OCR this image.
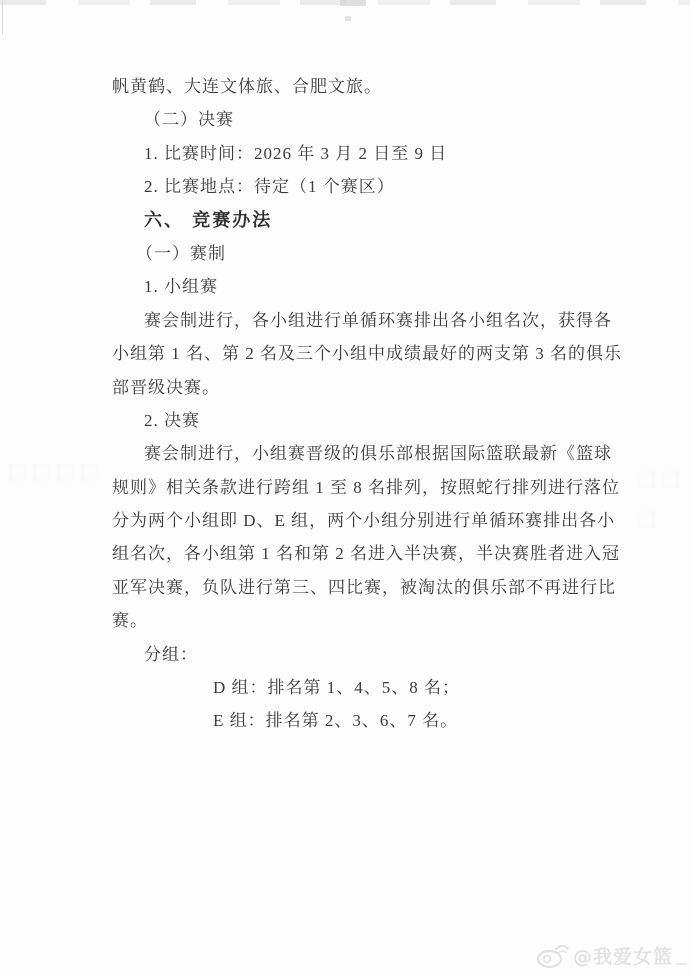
帆黄鹤、大连文体旅、合肥文旅。
（二）决赛
1. 比赛时间：2026 年 3 月 2 日至 9 日
2. 比赛地点：待定（1 个赛区）
六、 竞赛办法
（一）赛制
1. 小组赛
赛会制进行，各小组进行单循环赛排出各小组名次，获得各
小组第 1 名、第 2 名及三个小组中成绩最好的两支第 3 名的俱乐
部晋级决赛。
2. 决赛
赛会制进行，小组赛晋级的俱乐部根据国际篮联最新《篮球
规则》相关条款进行跨组 1 至 8 名排列，按照蛇行排列进行落位
分为两个小组即 D、E 组，两个小组分别进行单循环赛排出各小
组名次，各小组第 1 名和第 2 名进入半决赛，半决赛胜者进入冠
亚军决赛，负队进行第三、四比赛，被淘汰的俱乐部不再进行比
赛。
分组：
D 组：排名第 1、4、5、8 名；
E 组：排名第 2、3、6、7 名。
@我爱女篮
